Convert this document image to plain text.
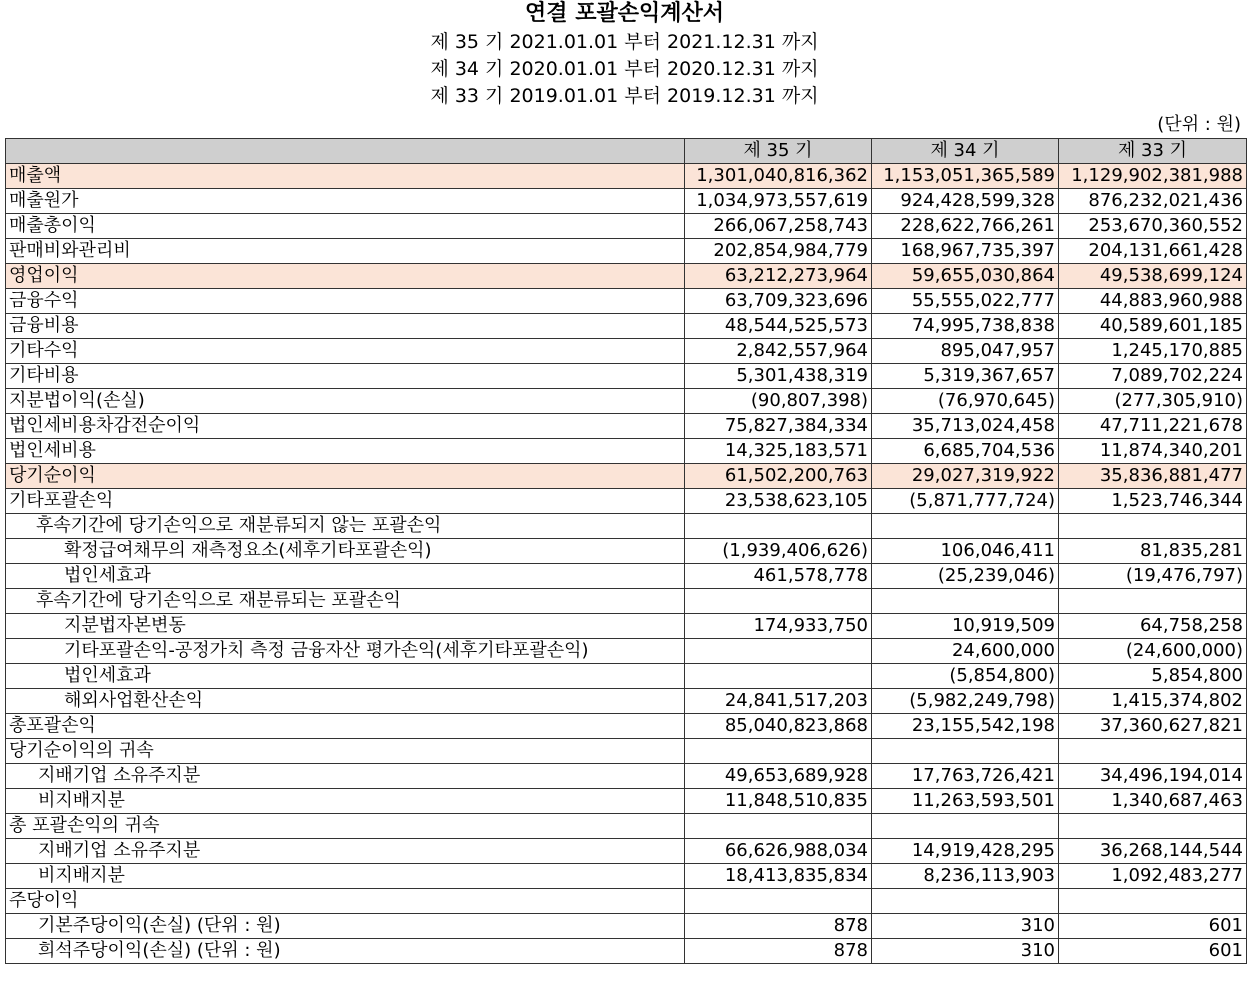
연결 포괄손익계산서
제 35 기 2021.01.01 부터 2021.12.31 까지
제 34 기 2020.01.01 부터 2020.12.31 까지
제 33 기 2019.01.01 부터 2019.12.31 까지
(단위 : 원)
	제 35 기	제 34 기	제 33 기
매출액	1,301,040,816,362	1,153,051,365,589	1,129,902,381,988
매출원가	1,034,973,557,619	924,428,599,328	876,232,021,436
매출총이익	266,067,258,743	228,622,766,261	253,670,360,552
판매비와관리비	202,854,984,779	168,967,735,397	204,131,661,428
영업이익	63,212,273,964	59,655,030,864	49,538,699,124
금융수익	63,709,323,696	55,555,022,777	44,883,960,988
금융비용	48,544,525,573	74,995,738,838	40,589,601,185
기타수익	2,842,557,964	895,047,957	1,245,170,885
기타비용	5,301,438,319	5,319,367,657	7,089,702,224
지분법이익(손실)	(90,807,398)	(76,970,645)	(277,305,910)
법인세비용차감전순이익	75,827,384,334	35,713,024,458	47,711,221,678
법인세비용	14,325,183,571	6,685,704,536	11,874,340,201
당기순이익	61,502,200,763	29,027,319,922	35,836,881,477
기타포괄손익	23,538,623,105	(5,871,777,724)	1,523,746,344
후속기간에 당기손익으로 재분류되지 않는 포괄손익			
확정급여채무의 재측정요소(세후기타포괄손익)	(1,939,406,626)	106,046,411	81,835,281
법인세효과	461,578,778	(25,239,046)	(19,476,797)
후속기간에 당기손익으로 재분류되는 포괄손익			
지분법자본변동	174,933,750	10,919,509	64,758,258
기타포괄손익-공정가치 측정 금융자산 평가손익(세후기타포괄손익)		24,600,000	(24,600,000)
법인세효과		(5,854,800)	5,854,800
해외사업환산손익	24,841,517,203	(5,982,249,798)	1,415,374,802
총포괄손익	85,040,823,868	23,155,542,198	37,360,627,821
당기순이익의 귀속			
지배기업 소유주지분	49,653,689,928	17,763,726,421	34,496,194,014
비지배지분	11,848,510,835	11,263,593,501	1,340,687,463
총 포괄손익의 귀속			
지배기업 소유주지분	66,626,988,034	14,919,428,295	36,268,144,544
비지배지분	18,413,835,834	8,236,113,903	1,092,483,277
주당이익			
기본주당이익(손실) (단위 : 원)	878	310	601
희석주당이익(손실) (단위 : 원)	878	310	601
